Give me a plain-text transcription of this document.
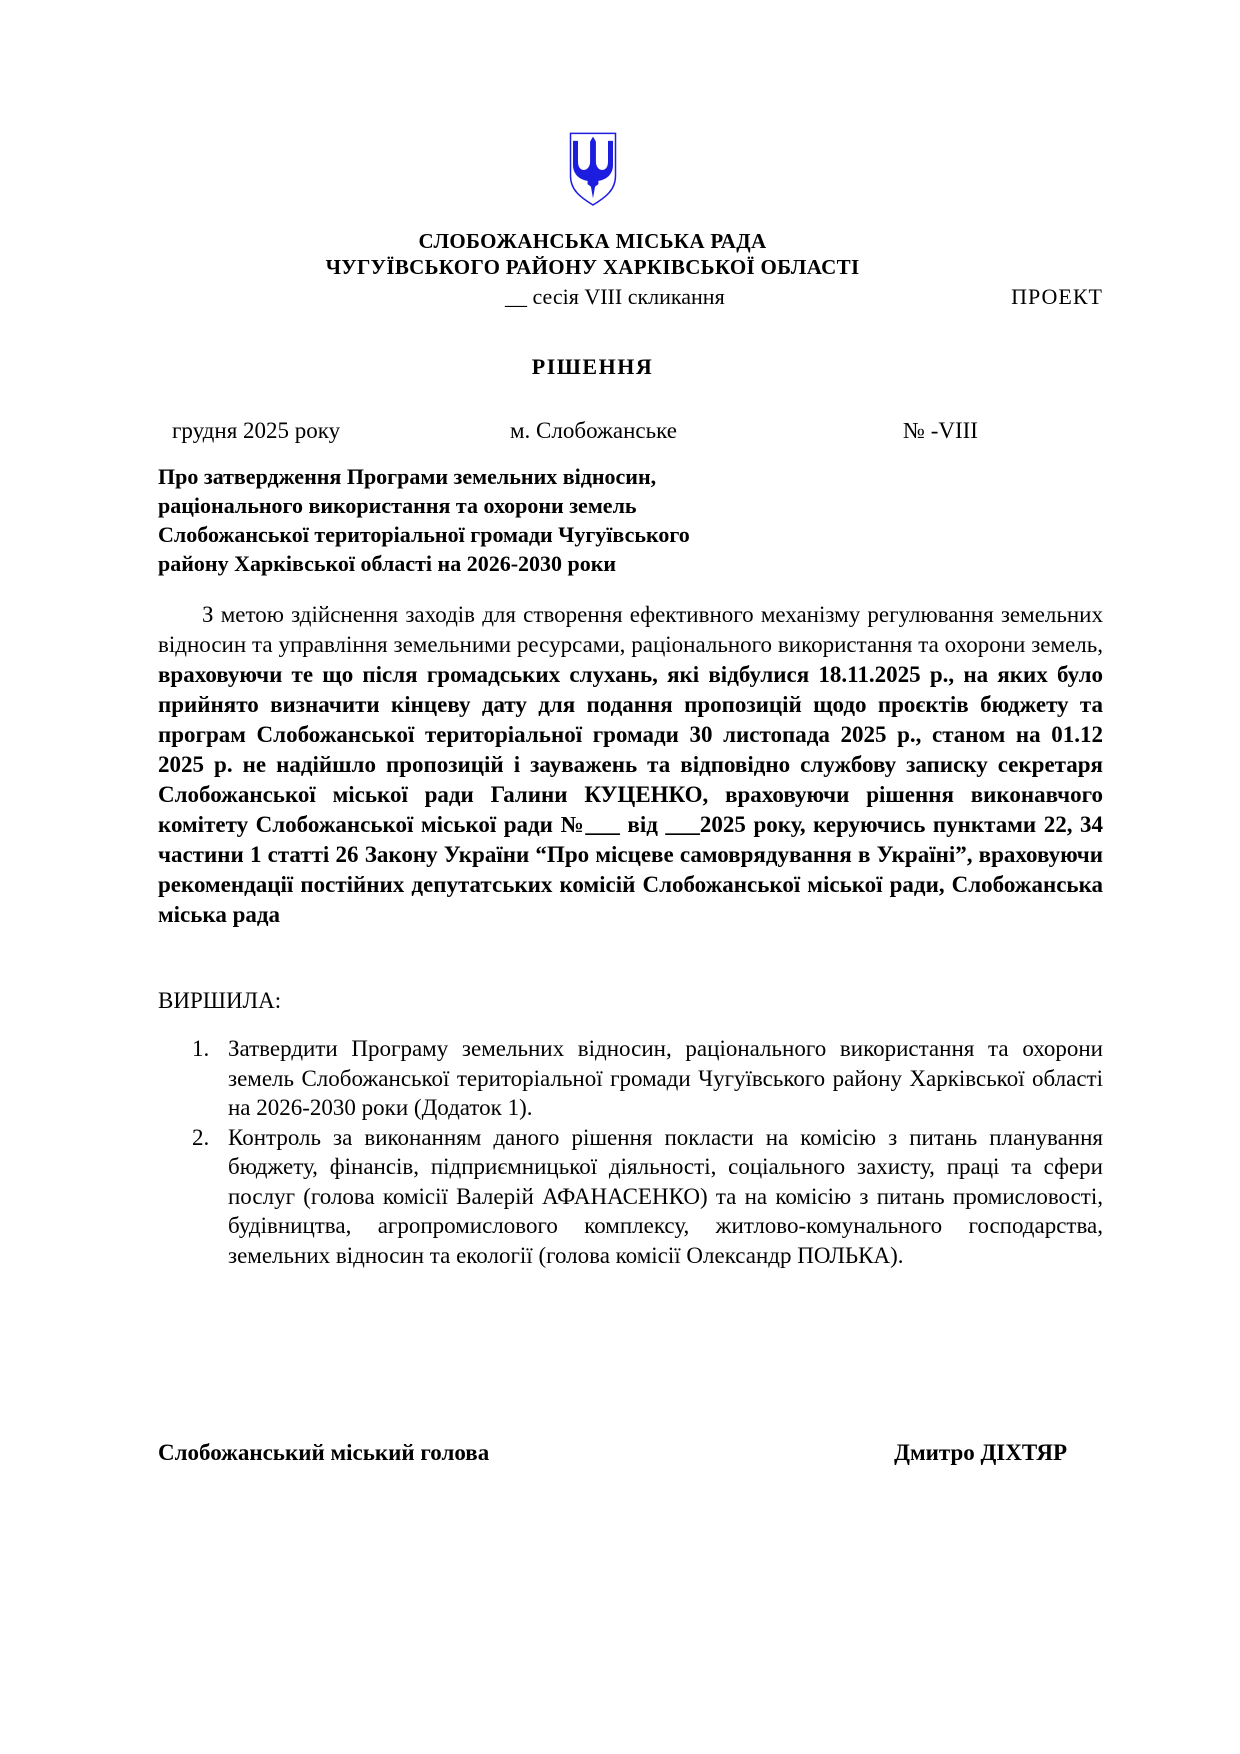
СЛОБОЖАНСЬКА МІСЬКА РАДА
ЧУГУЇВСЬКОГО РАЙОНУ ХАРКІВСЬКОЇ ОБЛАСТІ
__ сесія VIII скликання	ПРОЕКТ
РІШЕННЯ
грудня 2025 року	м. Слобожанське	№ -VIII
Про затвердження Програми земельних відносин,
раціонального використання та охорони земель
Слобожанської територіальної громади Чугуївського
району Харківської області на 2026-2030 роки

З метою здійснення заходів для створення ефективного механізму регулювання земельних відносин та управління земельними ресурсами, раціонального використання та охорони земель, враховуючи те що після громадських слухань, які відбулися 18.11.2025 р., на яких було прийнято визначити кінцеву дату для подання пропозицій щодо проєктів бюджету та програм Слобожанської територіальної громади 30 листопада 2025 р., станом на 01.12 2025 р. не надійшло пропозицій і зауважень та відповідно службову записку секретаря Слобожанської міської ради Галини КУЦЕНКО, враховуючи рішення виконавчого комітету Слобожанської міської ради №___ від ___2025 року, керуючись пунктами 22, 34 частини 1 статті 26 Закону України “Про місцеве самоврядування в Україні”, враховуючи рекомендації постійних депутатських комісій Слобожанської міської ради, Слобожанська міська рада

ВИРШИЛА:
1. Затвердити Програму земельних відносин, раціонального використання та охорони земель Слобожанської територіальної громади Чугуївського району Харківської області на 2026-2030 роки (Додаток 1).
2. Контроль за виконанням даного рішення покласти на комісію з питань планування бюджету, фінансів, підприємницької діяльності, соціального захисту, праці та сфери послуг (голова комісії Валерій АФАНАСЕНКО) та на комісію з питань промисловості, будівництва, агропромислового комплексу, житлово-комунального господарства, земельних відносин та екології (голова комісії Олександр ПОЛЬКА).
Слобожанський міський голова	Дмитро ДІХТЯР
